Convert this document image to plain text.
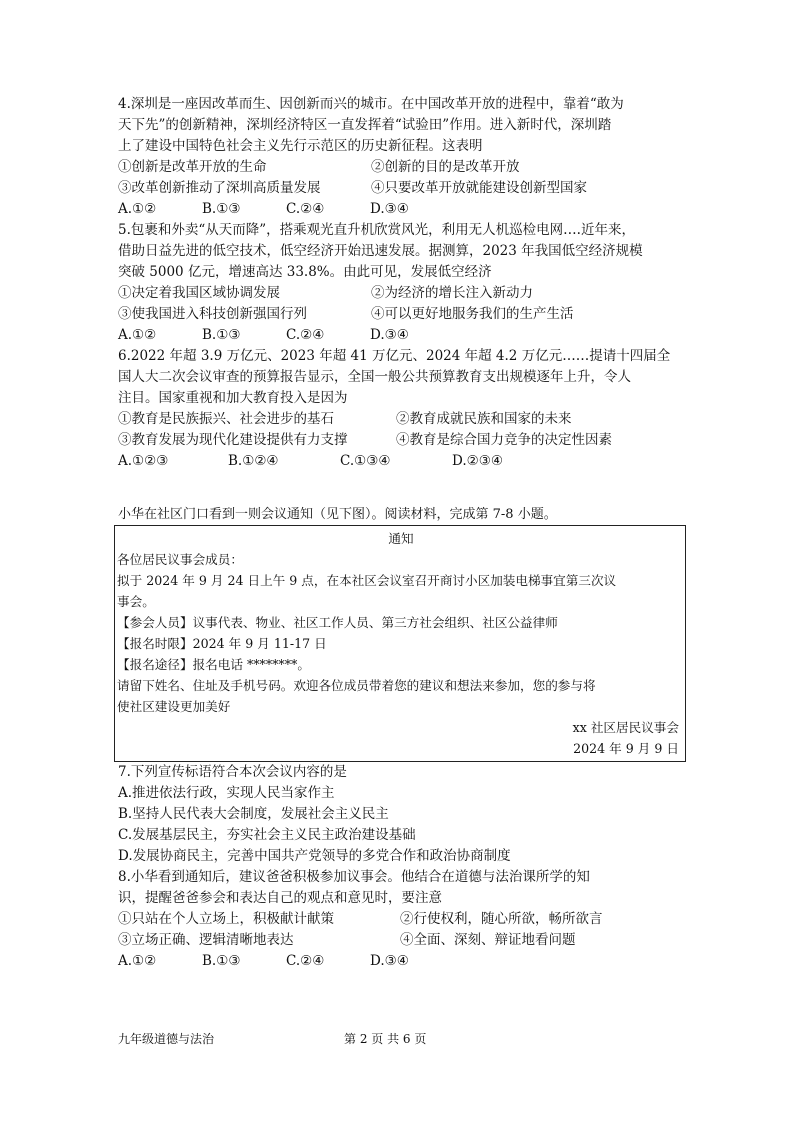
4.深圳是一座因改革而生、因创新而兴的城市。在中国改革开放的进程中，靠着“敢为
天下先”的创新精神，深圳经济特区一直发挥着“试验田”作用。进入新时代，深圳踏
上了建设中国特色社会主义先行示范区的历史新征程。这表明
①创新是改革开放的生命	②创新的目的是改革开放
③改革创新推动了深圳高质量发展	④只要改革开放就能建设创新型国家
A.①②	B.①③	C.②④	D.③④
5.包裹和外卖“从天而降”，搭乘观光直升机欣赏风光，利用无人机巡检电网….近年来，
借助日益先进的低空技术，低空经济开始迅速发展。据测算，2023 年我国低空经济规模
突破 5000 亿元，增速高达 33.8%。由此可见，发展低空经济
①决定着我国区域协调发展	②为经济的增长注入新动力
③使我国进入科技创新强国行列	④可以更好地服务我们的生产生活
A.①②	B.①③	C.②④	D.③④
6.2022 年超 3.9 万亿元、2023 年超 41 万亿元、2024 年超 4.2 万亿元……提请十四届全
国人大二次会议审查的预算报告显示，全国一般公共预算教育支出规模逐年上升，令人
注目。国家重视和加大教育投入是因为
①教育是民族振兴、社会进步的基石	②教育成就民族和国家的未来
③教育发展为现代化建设提供有力支撑	④教育是综合国力竞争的决定性因素
A.①②③	B.①②④	C.①③④	D.②③④
小华在社区门口看到一则会议通知（见下图）。阅读材料，完成第 7-8 小题。
通知
各位居民议事会成员：
拟于 2024 年 9 月 24 日上午 9 点，在本社区会议室召开商讨小区加装电梯事宜第三次议
事会。
【参会人员】议事代表、物业、社区工作人员、第三方社会组织、社区公益律师
【报名时限】2024 年 9 月 11-17 日
【报名途径】报名电话 ********。
请留下姓名、住址及手机号码。欢迎各位成员带着您的建议和想法来参加，您的参与将
使社区建设更加美好
xx 社区居民议事会
2024 年 9 月 9 日
7.下列宣传标语符合本次会议内容的是
A.推进依法行政，实现人民当家作主
B.坚持人民代表大会制度，发展社会主义民主
C.发展基层民主，夯实社会主义民主政治建设基础
D.发展协商民主，完善中国共产党领导的多党合作和政治协商制度
8.小华看到通知后，建议爸爸积极参加议事会。他结合在道德与法治课所学的知
识，提醒爸爸参会和表达自己的观点和意见时，要注意
①只站在个人立场上，积极献计献策	②行使权利，随心所欲，畅所欲言
③立场正确、逻辑清晰地表达	④全面、深刻、辩证地看问题
A.①②	B.①③	C.②④	D.③④
九年级道德与法治	第 2 页 共 6 页
